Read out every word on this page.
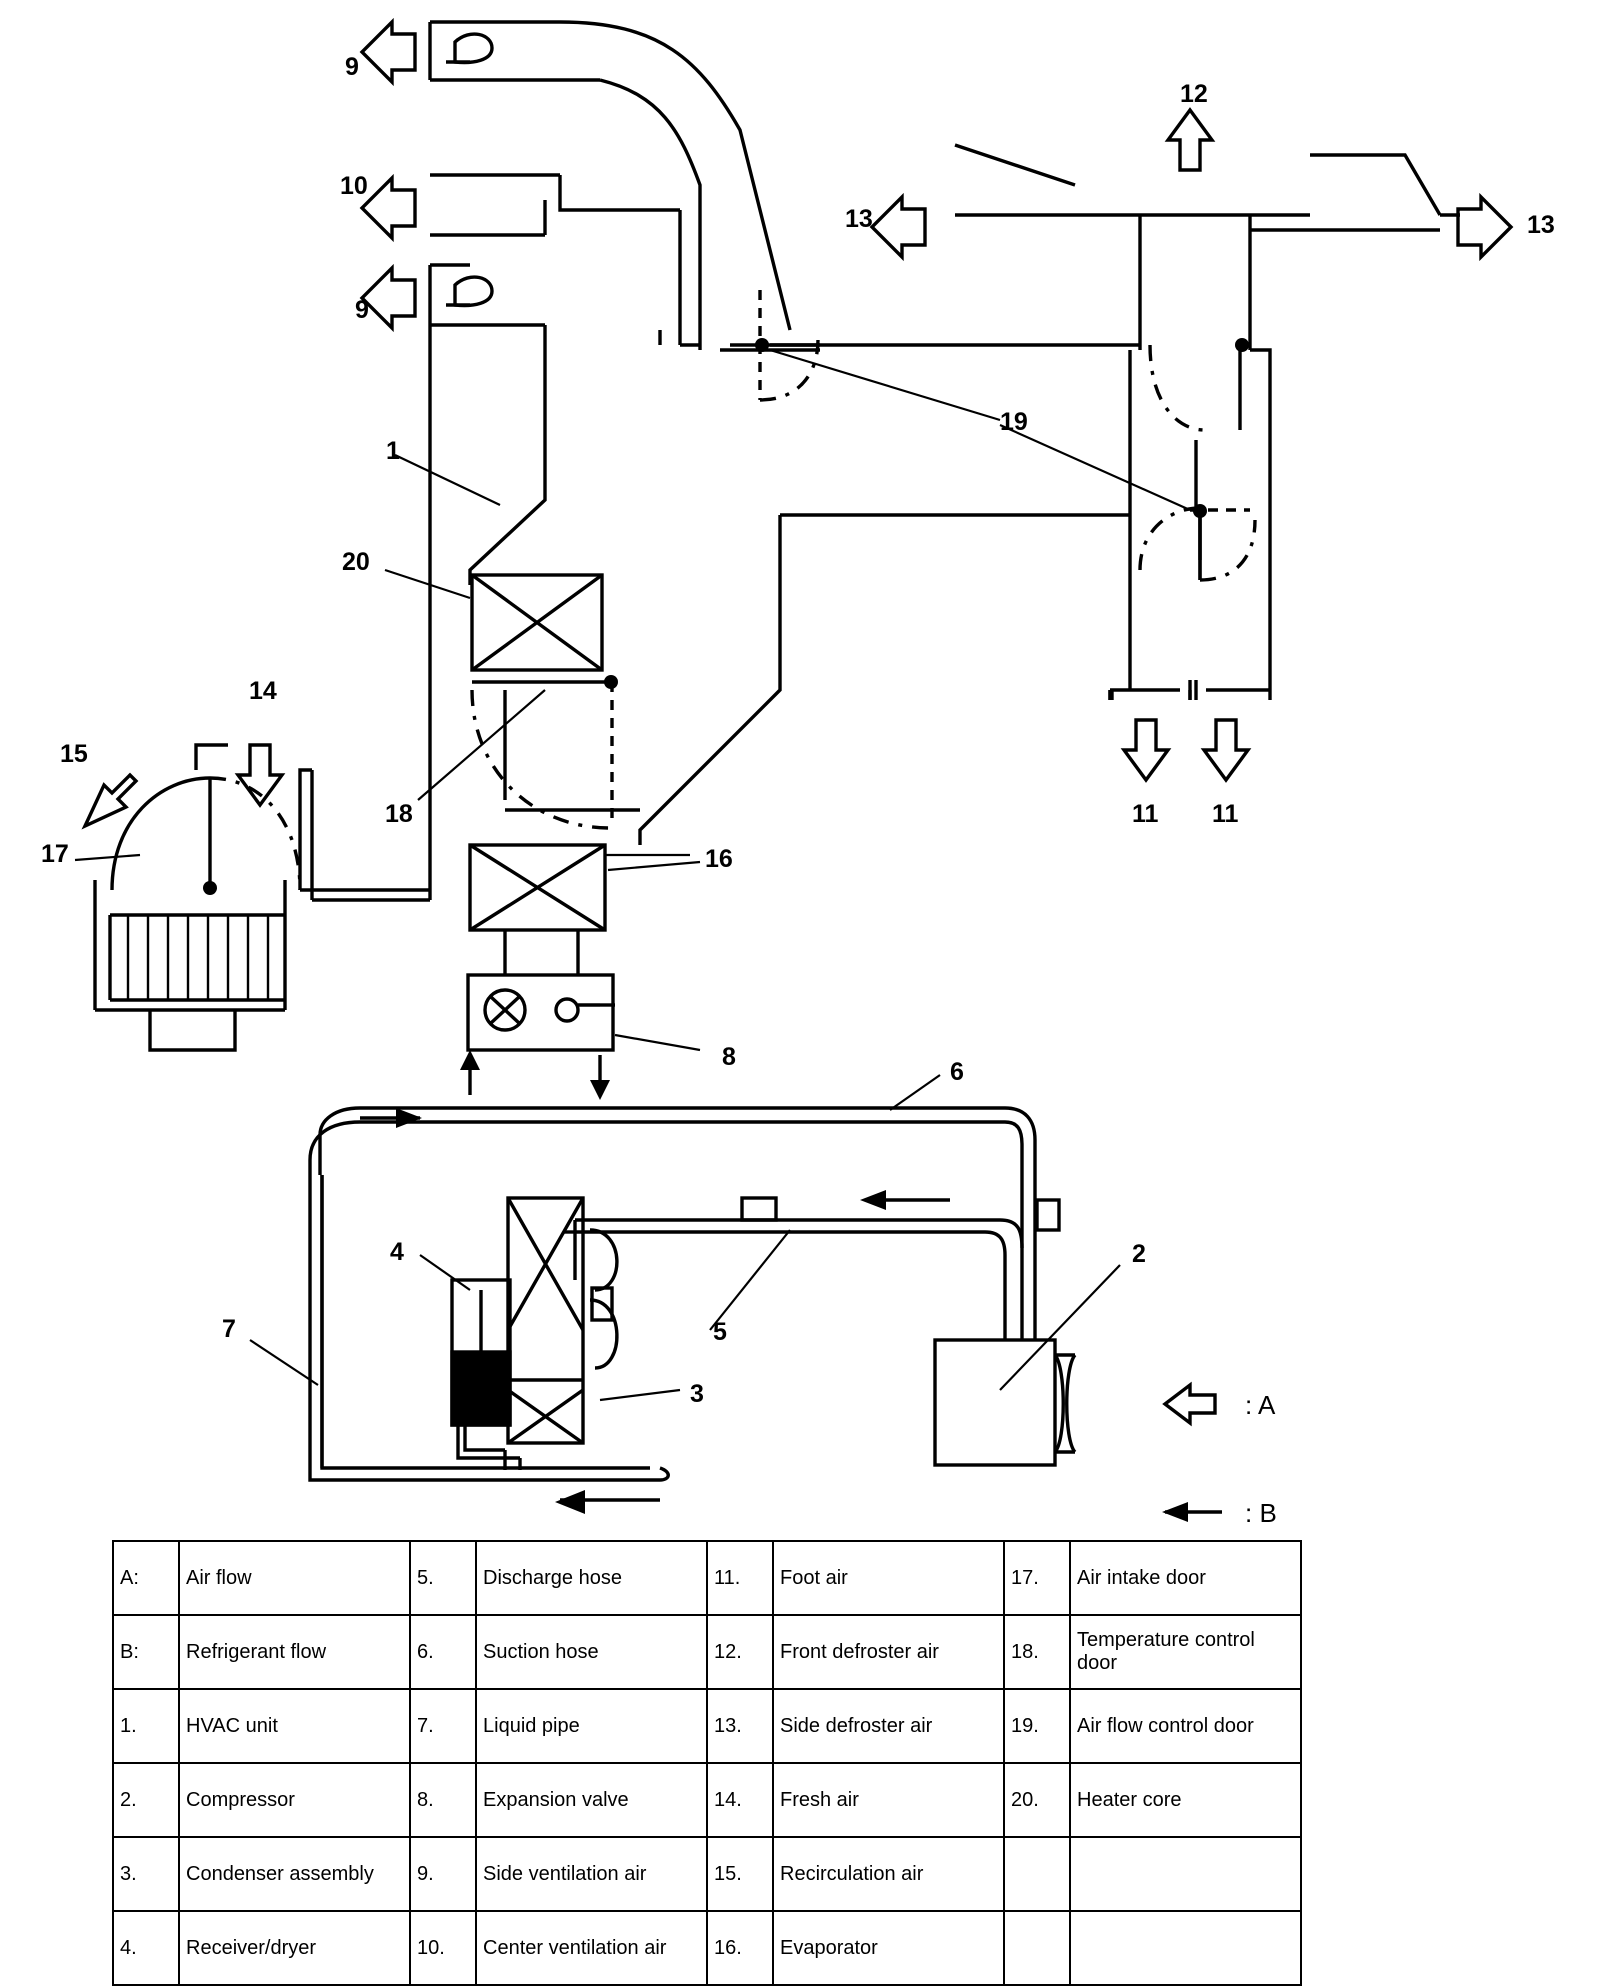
1
2
3
4
5
6
7
8
9
9
10
11 11
12
13	13
14
15
16
17
18
19
20
: A
: B
A:	Air flow	5.	Discharge hose	11.	Foot air	17.	Air intake door
B:	Refrigerant flow	6.	Suction hose	12.	Front defroster air	18.	Temperature control door
1.	HVAC unit	7.	Liquid pipe	13.	Side defroster air	19.	Air flow control door
2.	Compressor	8.	Expansion valve	14.	Fresh air	20.	Heater core
3.	Condenser assembly	9.	Side ventilation air	15.	Recirculation air		
4.	Receiver/dryer	10.	Center ventilation air	16.	Evaporator		
